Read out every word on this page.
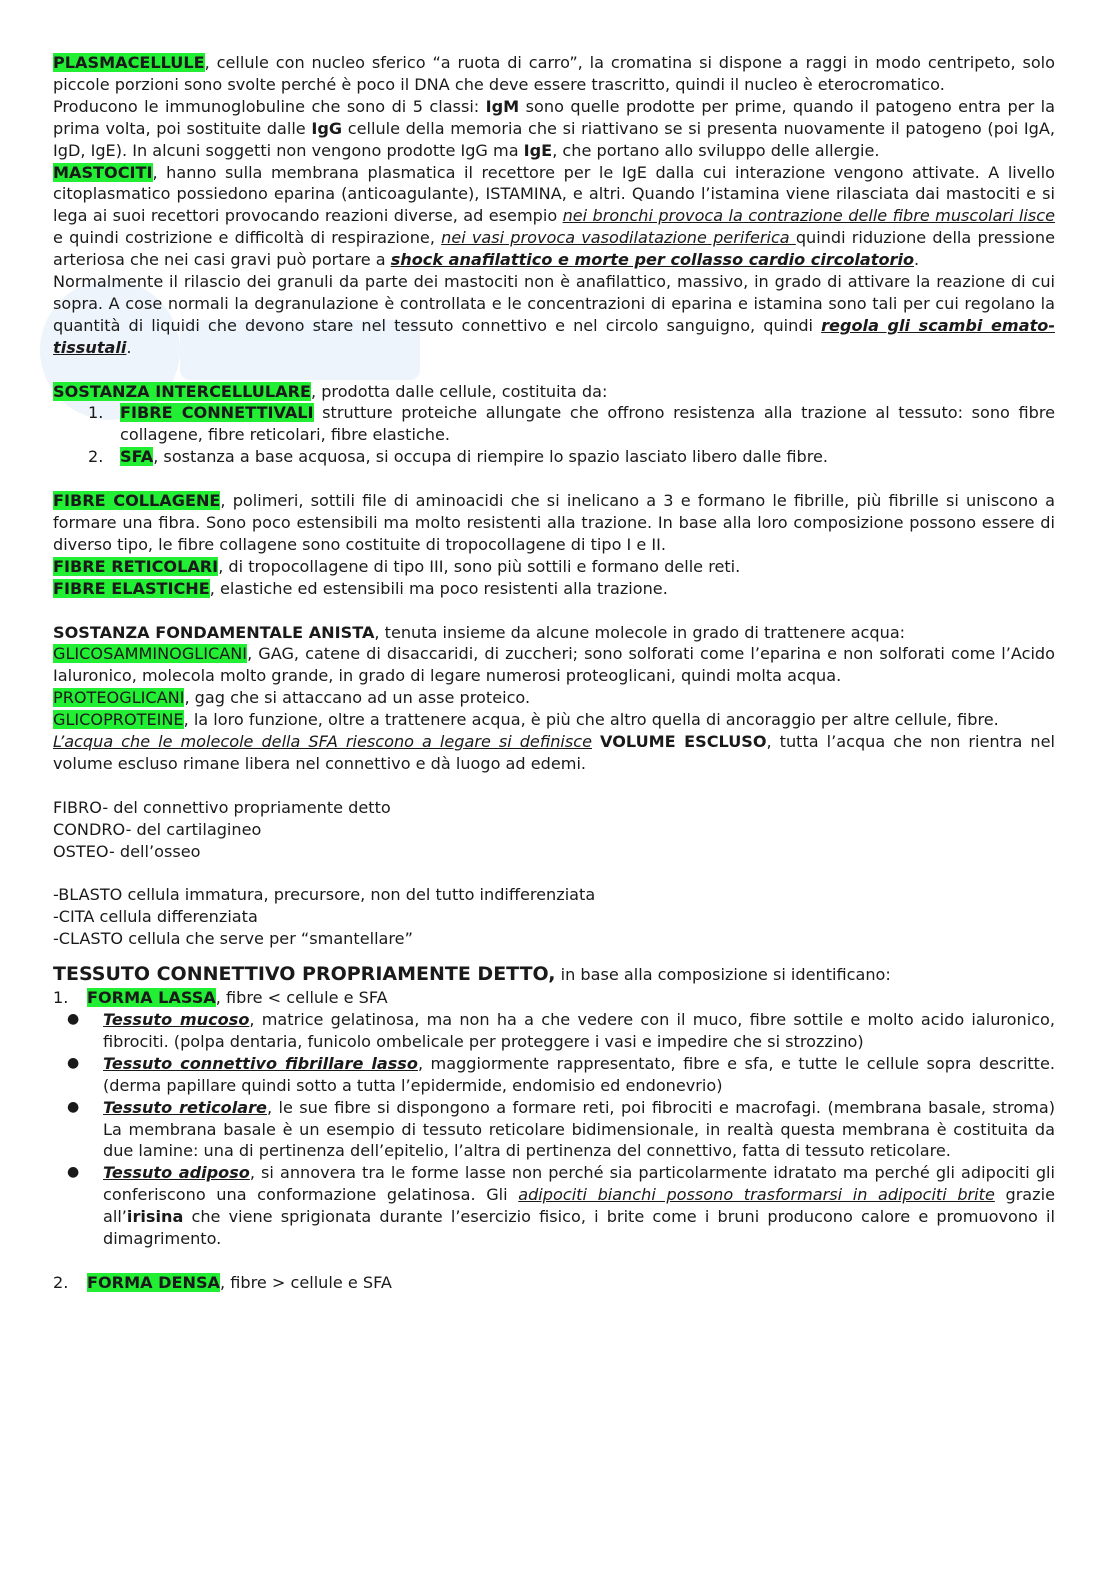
PLASMACELLULE, cellule con nucleo sferico “a ruota di carro”, la cromatina si dispone a raggi in modo centripeto, solo piccole porzioni sono svolte perché è poco il DNA che deve essere trascritto, quindi il nucleo è eterocromatico.

Producono le immunoglobuline che sono di 5 classi: IgM sono quelle prodotte per prime, quando il patogeno entra per la prima volta, poi sostituite dalle IgG cellule della memoria che si riattivano se si presenta nuovamente il patogeno (poi IgA, IgD, IgE). In alcuni soggetti non vengono prodotte IgG ma IgE, che portano allo sviluppo delle allergie.

MASTOCITI, hanno sulla membrana plasmatica il recettore per le IgE dalla cui interazione vengono attivate. A livello citoplasmatico possiedono eparina (anticoagulante), ISTAMINA, e altri. Quando l’istamina viene rilasciata dai mastociti e si lega ai suoi recettori provocando reazioni diverse, ad esempio nei bronchi provoca la contrazione delle fibre muscolari lisce e quindi costrizione e difficoltà di respirazione, nei vasi provoca vasodilatazione periferica quindi riduzione della pressione arteriosa che nei casi gravi può portare a shock anafilattico e morte per collasso cardio circolatorio.

Normalmente il rilascio dei granuli da parte dei mastociti non è anafilattico, massivo, in grado di attivare la reazione di cui sopra. A cose normali la degranulazione è controllata e le concentrazioni di eparina e istamina sono tali per cui regolano la quantità di liquidi che devono stare nel tessuto connettivo e nel circolo sanguigno, quindi regola gli scambi emato-tissutali.

SOSTANZA INTERCELLULARE, prodotta dalle cellule, costituita da:

1. FIBRE CONNETTIVALI strutture proteiche allungate che offrono resistenza alla trazione al tessuto: sono fibre collagene, fibre reticolari, fibre elastiche.
2. SFA, sostanza a base acquosa, si occupa di riempire lo spazio lasciato libero dalle fibre.

FIBRE COLLAGENE, polimeri, sottili file di aminoacidi che si inelicano a 3 e formano le fibrille, più fibrille si uniscono a formare una fibra. Sono poco estensibili ma molto resistenti alla trazione. In base alla loro composizione possono essere di diverso tipo, le fibre collagene sono costituite di tropocollagene di tipo I e II.

FIBRE RETICOLARI, di tropocollagene di tipo III, sono più sottili e formano delle reti.

FIBRE ELASTICHE, elastiche ed estensibili ma poco resistenti alla trazione.

SOSTANZA FONDAMENTALE ANISTA, tenuta insieme da alcune molecole in grado di trattenere acqua:

GLICOSAMMINOGLICANI, GAG, catene di disaccaridi, di zuccheri; sono solforati come l’eparina e non solforati come l’Acido Ialuronico, molecola molto grande, in grado di legare numerosi proteoglicani, quindi molta acqua.

PROTEOGLICANI, gag che si attaccano ad un asse proteico.

GLICOPROTEINE, la loro funzione, oltre a trattenere acqua, è più che altro quella di ancoraggio per altre cellule, fibre.

L’acqua che le molecole della SFA riescono a legare si definisce VOLUME ESCLUSO, tutta l’acqua che non rientra nel volume escluso rimane libera nel connettivo e dà luogo ad edemi.

FIBRO- del connettivo propriamente detto

CONDRO- del cartilagineo

OSTEO- dell’osseo

-BLASTO cellula immatura, precursore, non del tutto indifferenziata

-CITA cellula differenziata

-CLASTO cellula che serve per “smantellare”

TESSUTO CONNETTIVO PROPRIAMENTE DETTO, in base alla composizione si identificano:

1. FORMA LASSA, fibre < cellule e SFA

● Tessuto mucoso, matrice gelatinosa, ma non ha a che vedere con il muco, fibre sottile e molto acido ialuronico, fibrociti. (polpa dentaria, funicolo ombelicale per proteggere i vasi e impedire che si strozzino)
● Tessuto connettivo fibrillare lasso, maggiormente rappresentato, fibre e sfa, e tutte le cellule sopra descritte. (derma papillare quindi sotto a tutta l’epidermide, endomisio ed endonevrio)
● Tessuto reticolare, le sue fibre si dispongono a formare reti, poi fibrociti e macrofagi. (membrana basale, stroma) La membrana basale è un esempio di tessuto reticolare bidimensionale, in realtà questa membrana è costituita da due lamine: una di pertinenza dell’epitelio, l’altra di pertinenza del connettivo, fatta di tessuto reticolare.
● Tessuto adiposo, si annovera tra le forme lasse non perché sia particolarmente idratato ma perché gli adipociti gli conferiscono una conformazione gelatinosa. Gli adipociti bianchi possono trasformarsi in adipociti brite grazie all’irisina che viene sprigionata durante l’esercizio fisico, i brite come i bruni producono calore e promuovono il dimagrimento.

2. FORMA DENSA, fibre > cellule e SFA
